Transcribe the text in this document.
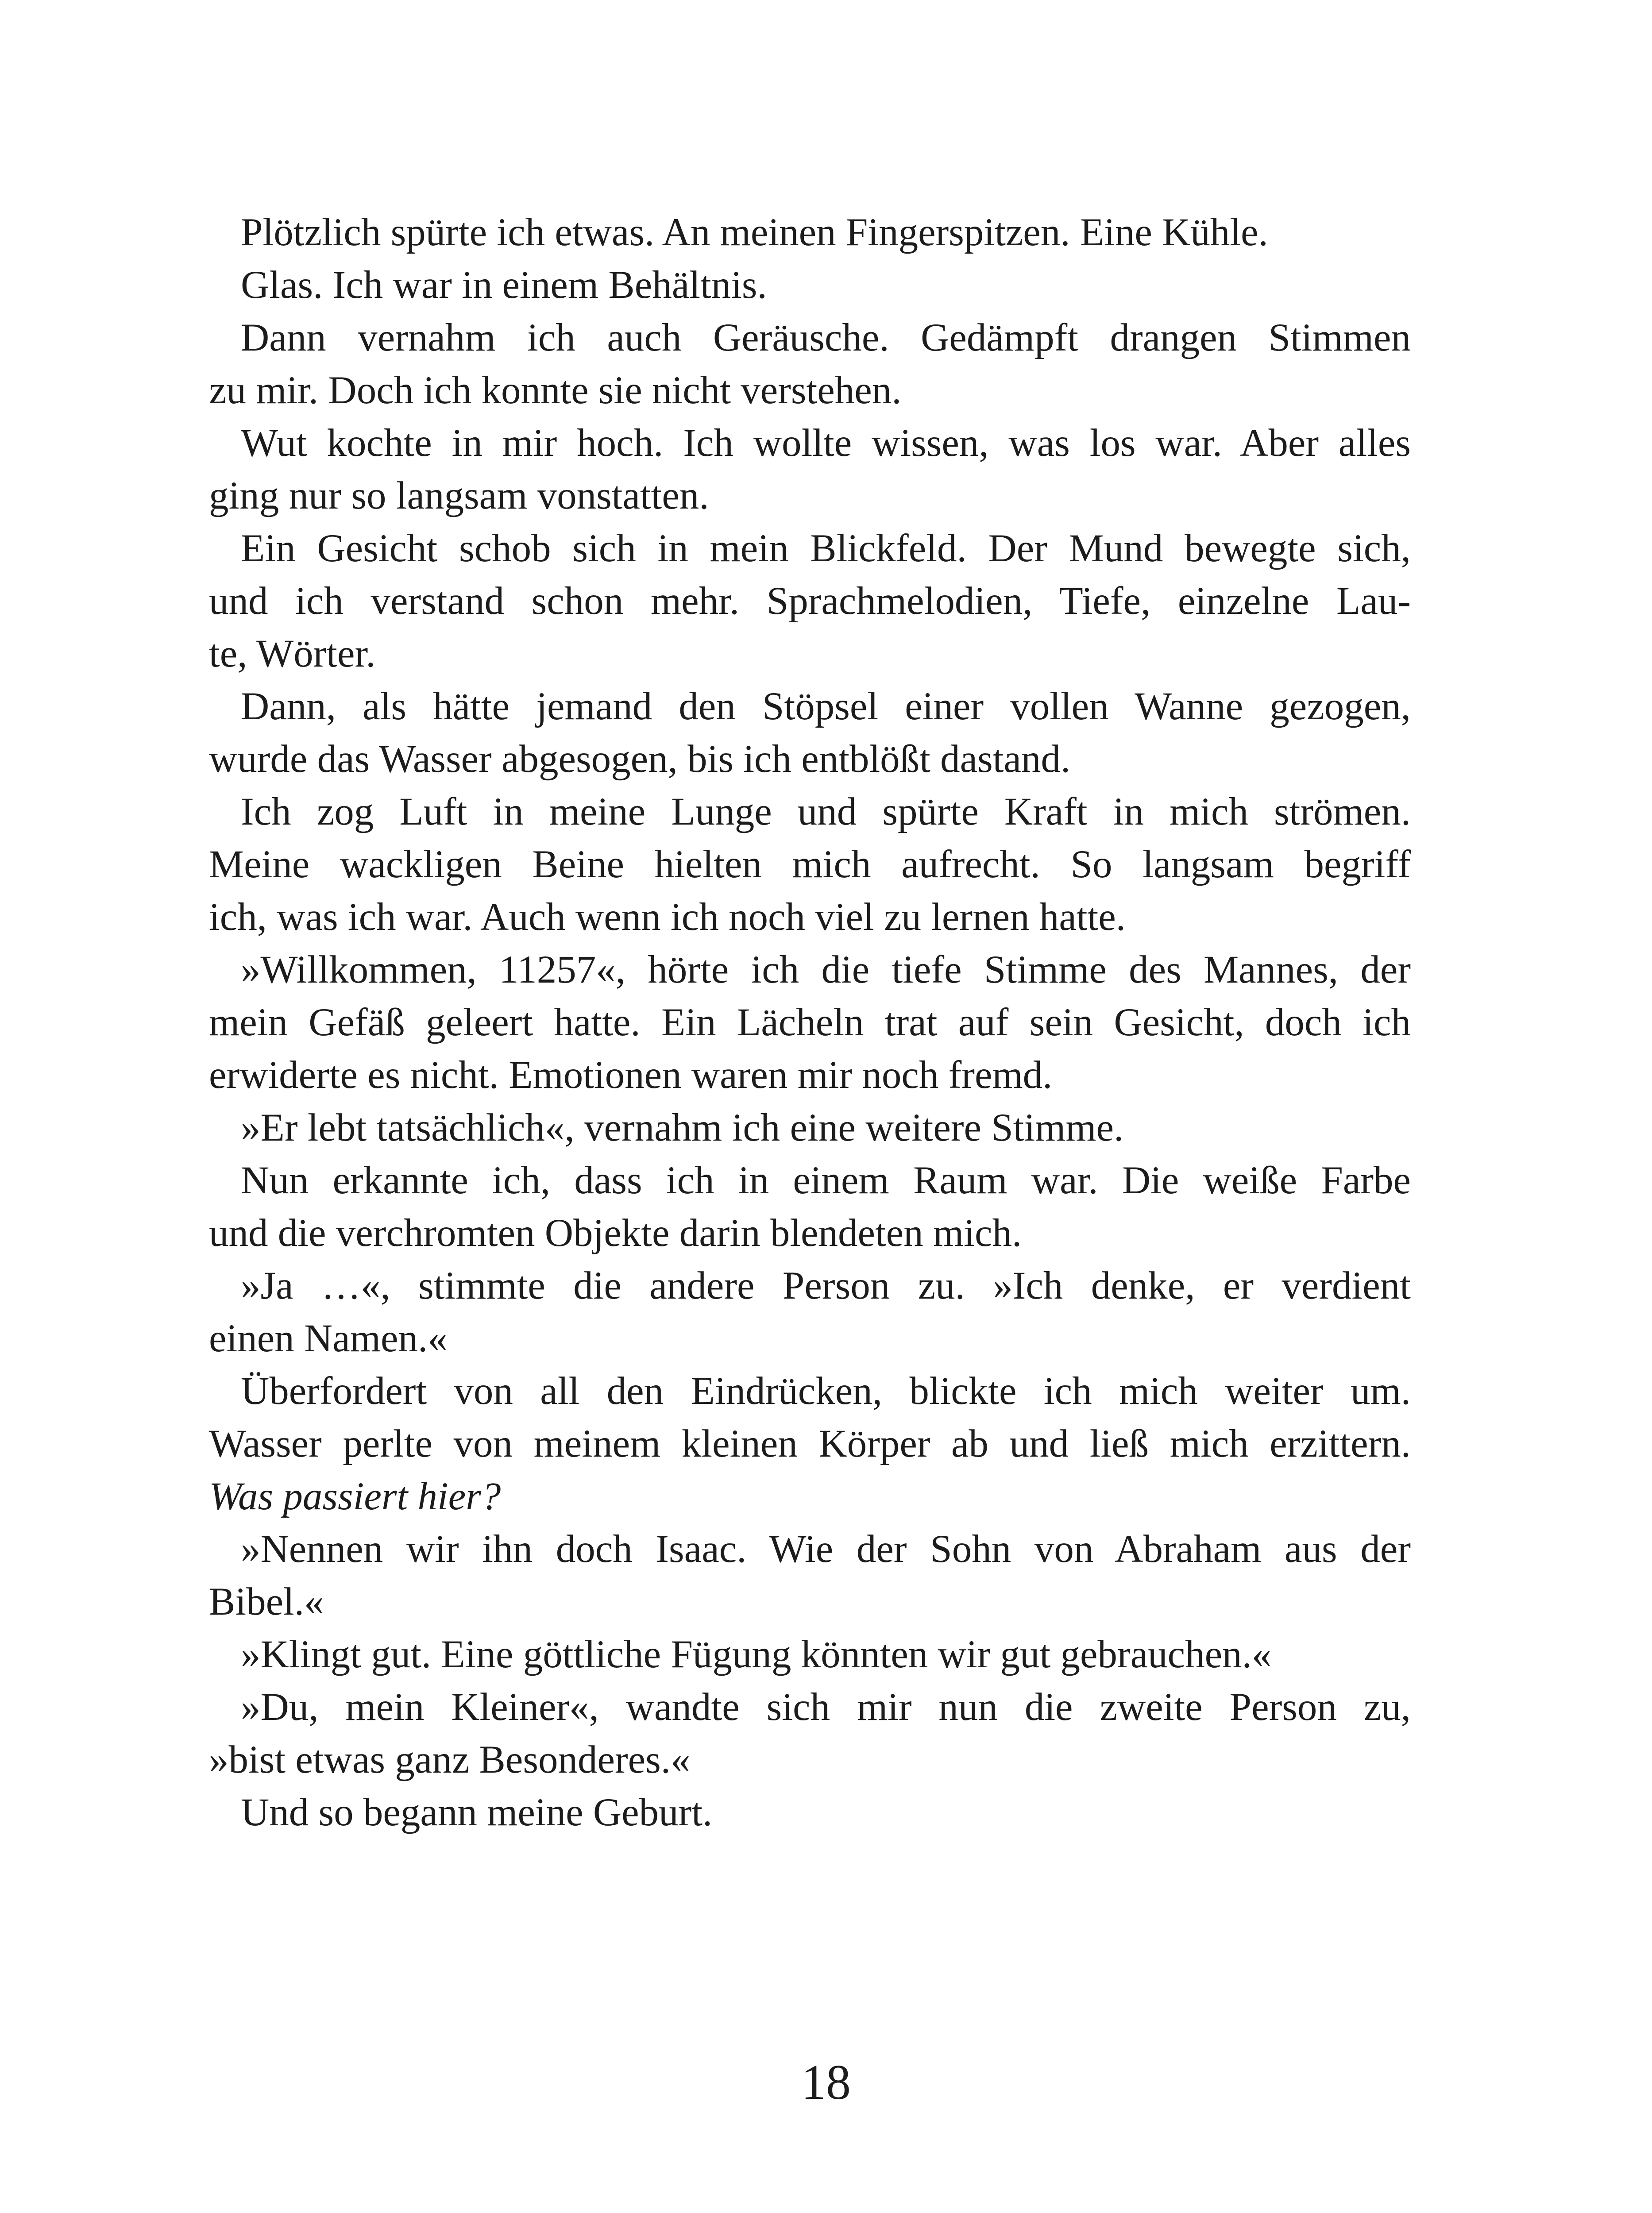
Plötzlich spürte ich etwas. An meinen Fingerspitzen. Eine Kühle.
Glas. Ich war in einem Behältnis.
Dann vernahm ich auch Geräusche. Gedämpft drangen Stimmen
zu mir. Doch ich konnte sie nicht verstehen.
Wut kochte in mir hoch. Ich wollte wissen, was los war. Aber alles
ging nur so langsam vonstatten.
Ein Gesicht schob sich in mein Blickfeld. Der Mund bewegte sich,
und ich verstand schon mehr. Sprachmelodien, Tiefe, einzelne Lau-
te, Wörter.
Dann, als hätte jemand den Stöpsel einer vollen Wanne gezogen,
wurde das Wasser abgesogen, bis ich entblößt dastand.
Ich zog Luft in meine Lunge und spürte Kraft in mich strömen.
Meine wackligen Beine hielten mich aufrecht. So langsam begriff
ich, was ich war. Auch wenn ich noch viel zu lernen hatte.
»Willkommen, 11257«, hörte ich die tiefe Stimme des Mannes, der
mein Gefäß geleert hatte. Ein Lächeln trat auf sein Gesicht, doch ich
erwiderte es nicht. Emotionen waren mir noch fremd.
»Er lebt tatsächlich«, vernahm ich eine weitere Stimme.
Nun erkannte ich, dass ich in einem Raum war. Die weiße Farbe
und die verchromten Objekte darin blendeten mich.
»Ja …«, stimmte die andere Person zu. »Ich denke, er verdient
einen Namen.«
Überfordert von all den Eindrücken, blickte ich mich weiter um.
Wasser perlte von meinem kleinen Körper ab und ließ mich erzittern.
Was passiert hier?
»Nennen wir ihn doch Isaac. Wie der Sohn von Abraham aus der
Bibel.«
»Klingt gut. Eine göttliche Fügung könnten wir gut gebrauchen.«
»Du, mein Kleiner«, wandte sich mir nun die zweite Person zu,
»bist etwas ganz Besonderes.«
Und so begann meine Geburt.
18
